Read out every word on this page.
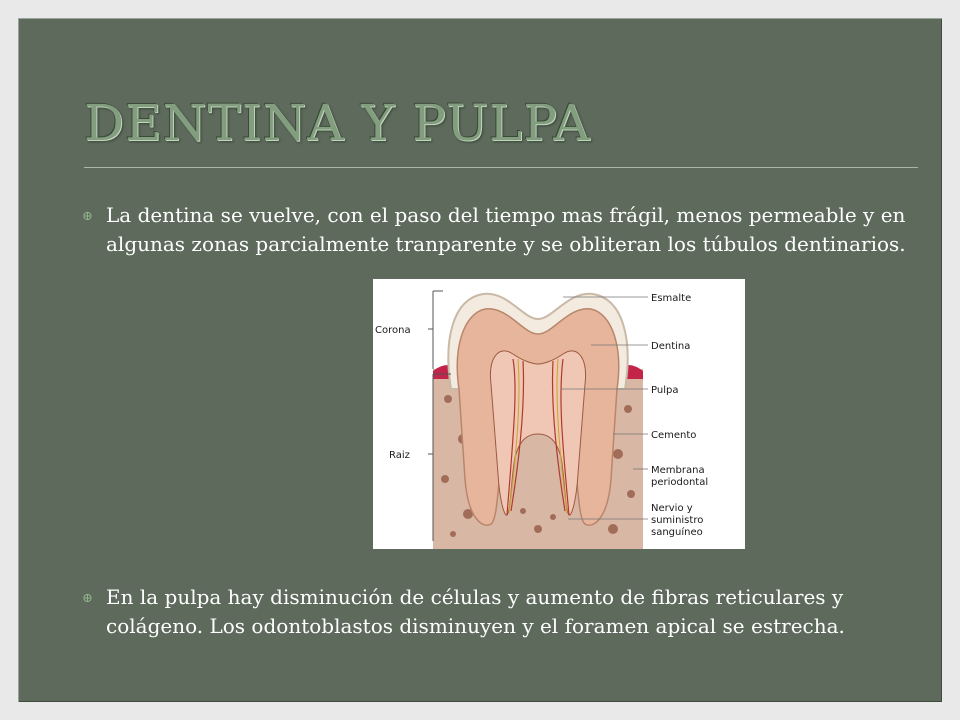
DENTINA Y PULPA
⊕ La dentina se vuelve, con el paso del tiempo mas frágil, menos permeable y en algunas zonas parcialmente tranparente y se obliteran los túbulos dentinarios.
⊕ En la pulpa hay disminución de células y aumento de fibras reticulares y colágeno. Los odontoblastos disminuyen y el foramen apical se estrecha.
Corona
Raiz
Esmalte
Dentina
Pulpa
Cemento
Membrana
periodontal
Nervio y
suministro
sanguíneo
